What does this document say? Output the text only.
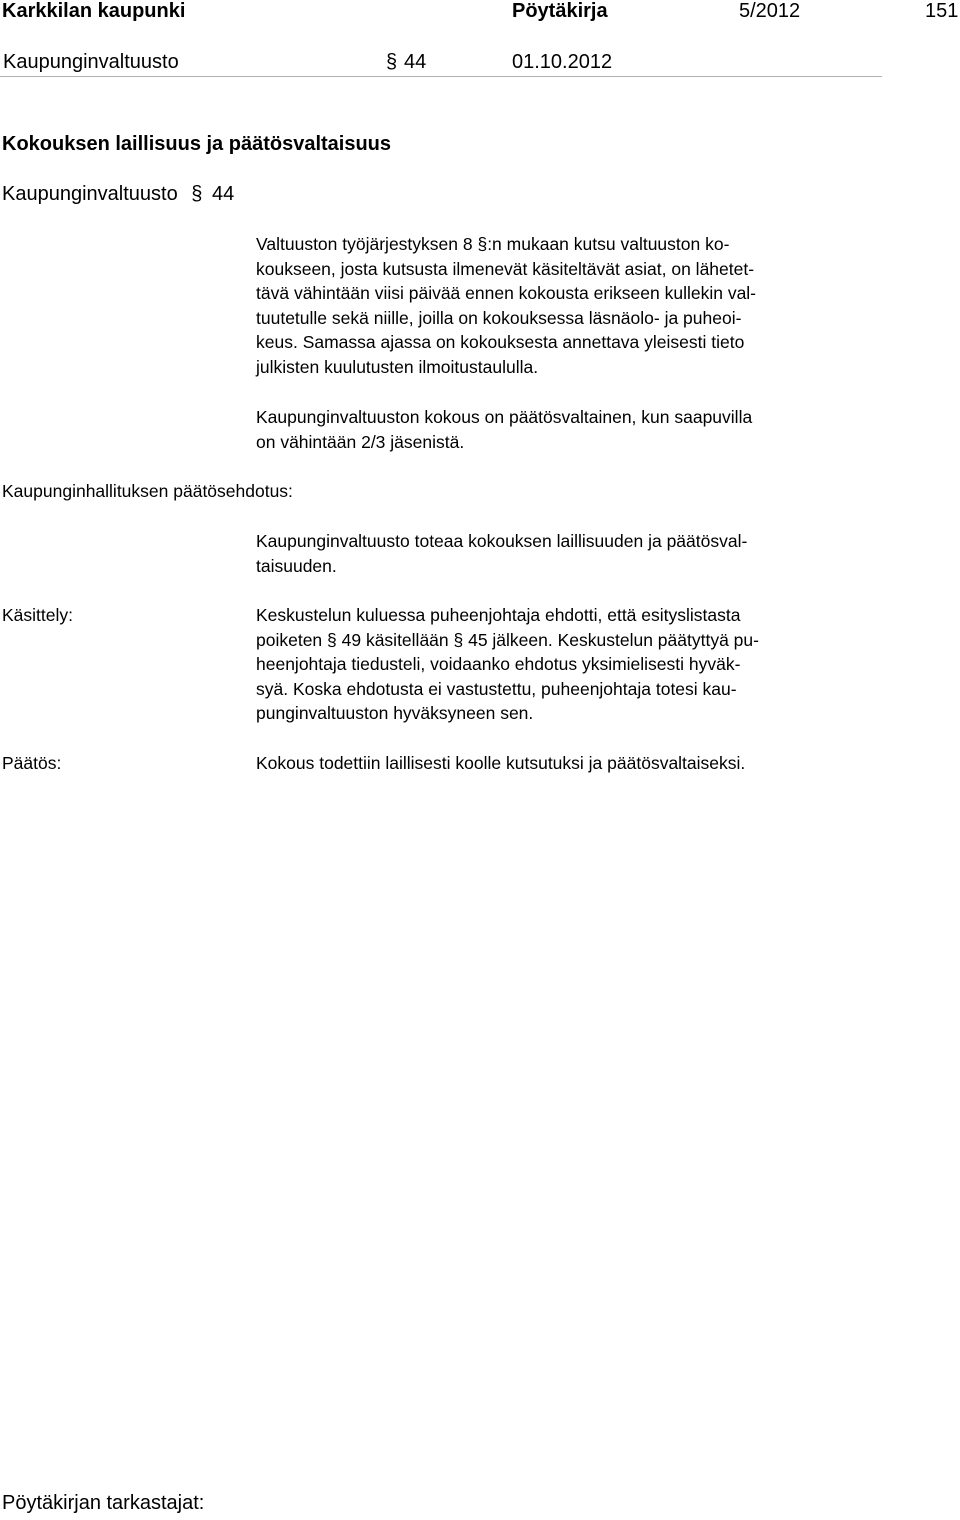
Karkkilan kaupunki	Pöytäkirja	5/2012	151
Kaupunginvaltuusto	§ 44	01.10.2012
Kokouksen laillisuus ja päätösvaltaisuus
Kaupunginvaltuusto § 44
Valtuuston työjärjestyksen 8 §:n mukaan kutsu valtuuston ko-
koukseen, josta kutsusta ilmenevät käsiteltävät asiat, on lähetet-
tävä vähintään viisi päivää ennen kokousta erikseen kullekin val-
tuutetulle sekä niille, joilla on kokouksessa läsnäolo- ja puheoi-
keus. Samassa ajassa on kokouksesta annettava yleisesti tieto
julkisten kuulutusten ilmoitustaululla.
Kaupunginvaltuuston kokous on päätösvaltainen, kun saapuvilla
on vähintään 2/3 jäsenistä.
Kaupunginhallituksen päätösehdotus:
Kaupunginvaltuusto toteaa kokouksen laillisuuden ja päätösval-
taisuuden.
Käsittely:	Keskustelun kuluessa puheenjohtaja ehdotti, että esityslistasta
poiketen § 49 käsitellään § 45 jälkeen. Keskustelun päätyttyä pu-
heenjohtaja tiedusteli, voidaanko ehdotus yksimielisesti hyväk-
syä. Koska ehdotusta ei vastustettu, puheenjohtaja totesi kau-
punginvaltuuston hyväksyneen sen.
Päätös:	Kokous todettiin laillisesti koolle kutsutuksi ja päätösvaltaiseksi.
Pöytäkirjan tarkastajat:
